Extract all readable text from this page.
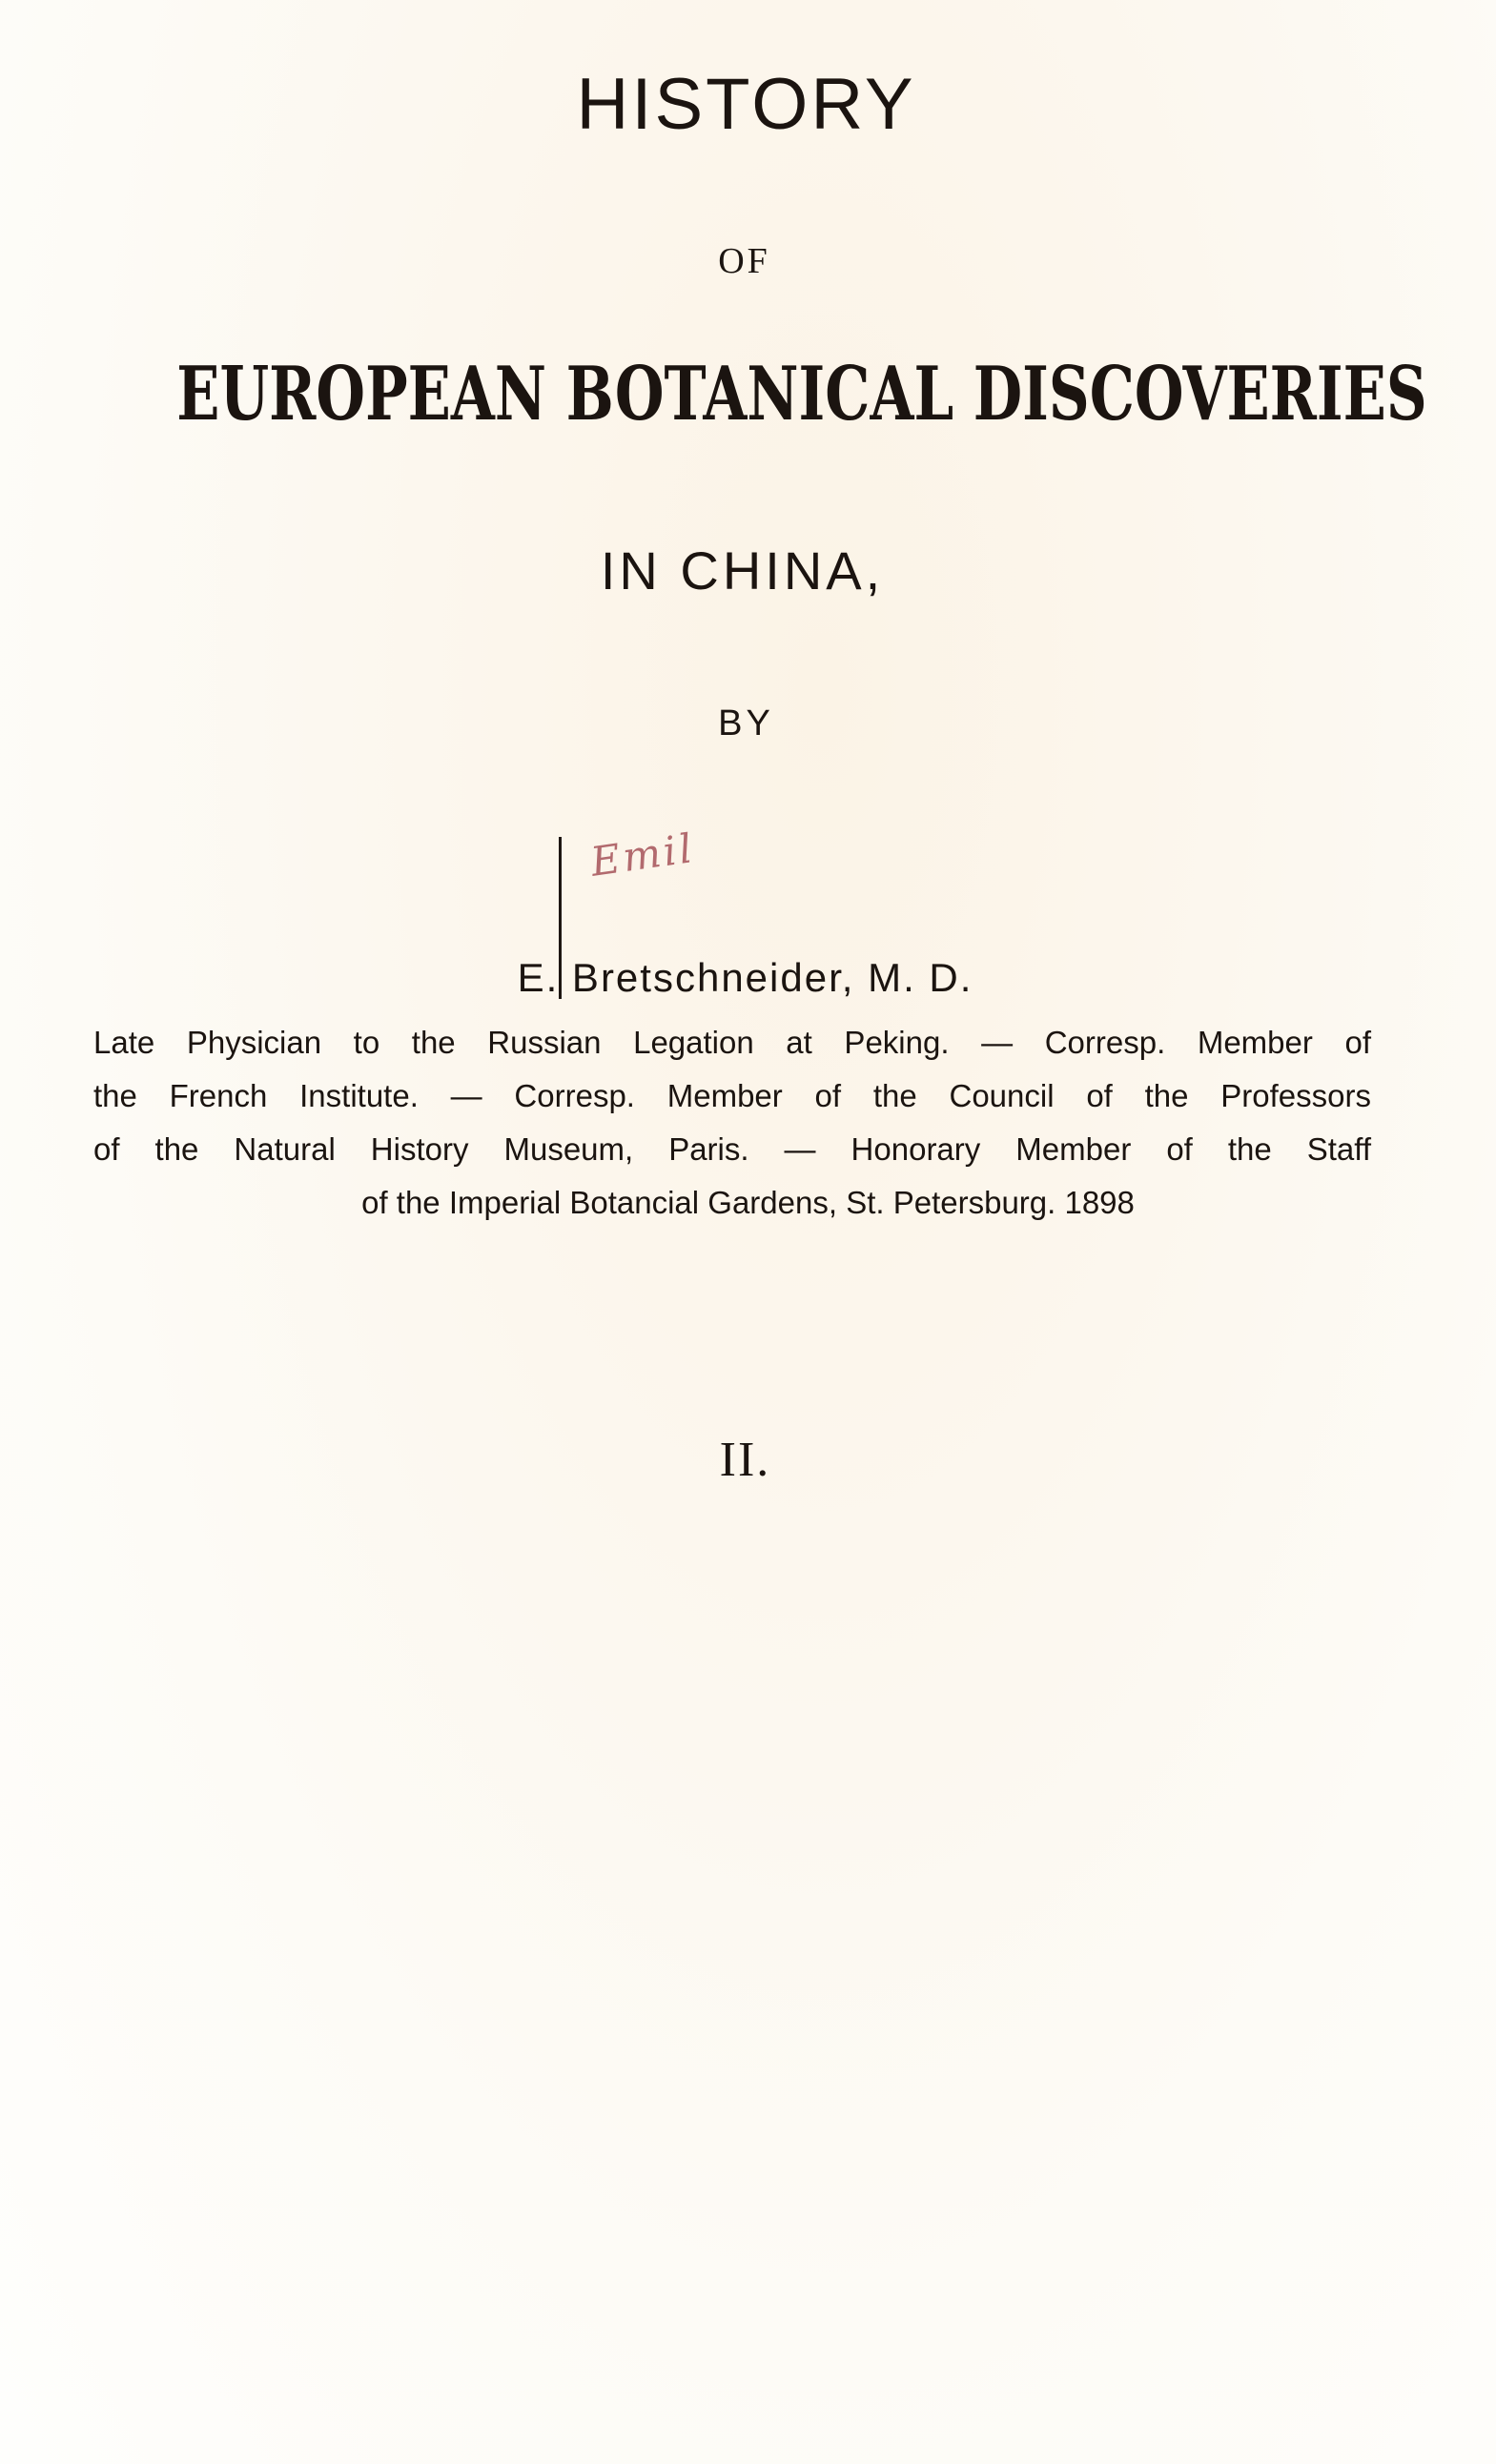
HISTORY
OF
EUROPEAN BOTANICAL DISCOVERIES
IN CHINA,
BY
Emil
E. Bretschneider, M. D.
Late Physician to the Russian Legation at Peking. — Corresp. Member of
the French Institute. — Corresp. Member of the Council of the Professors
of the Natural History Museum, Paris. — Honorary Member of the Staff
of the Imperial Botancial Gardens, St. Petersburg. 1898
II.
